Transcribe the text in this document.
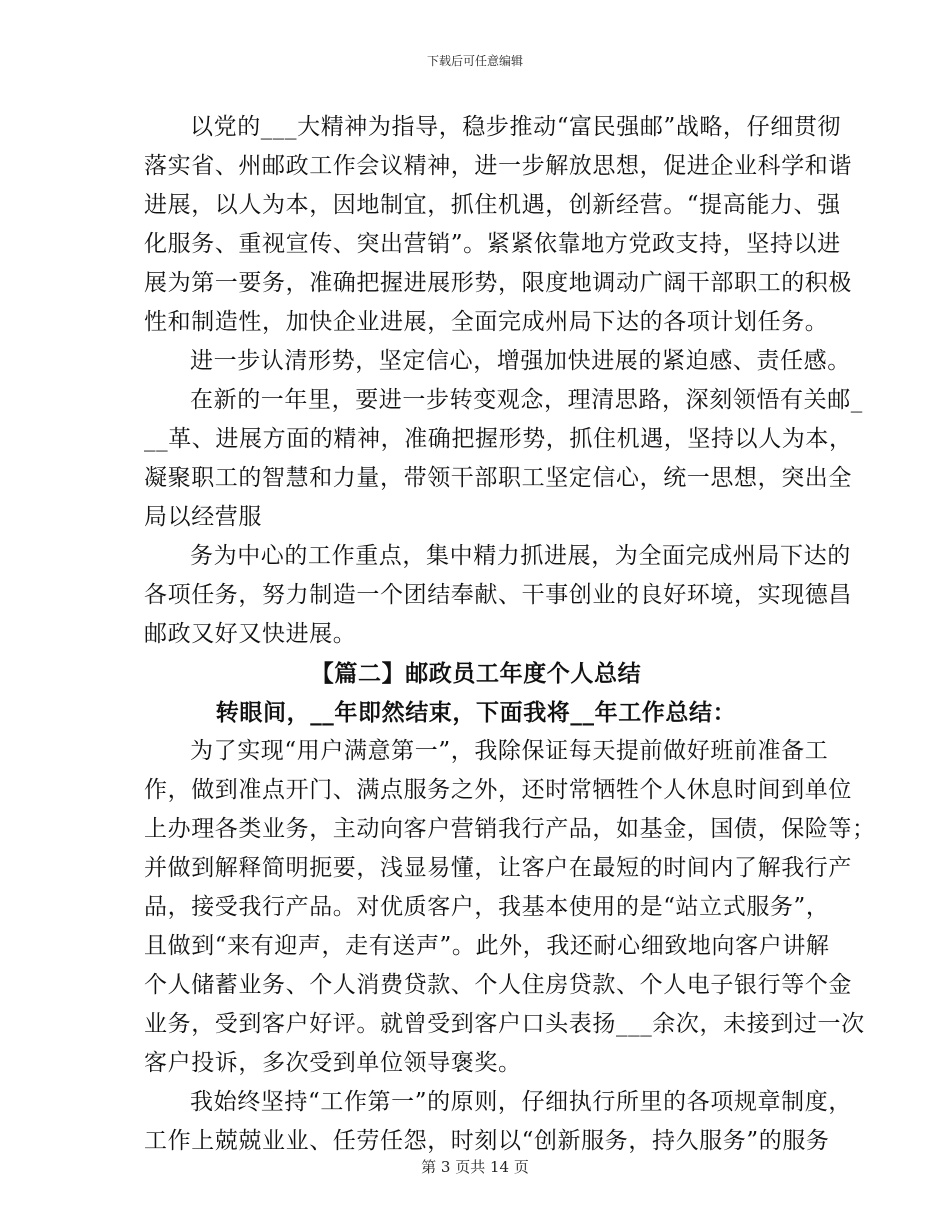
下载后可任意编辑

以党的___大精神为指导，稳步推动“富民强邮”战略，仔细贯彻
落实省、州邮政工作会议精神，进一步解放思想，促进企业科学和谐
进展，以人为本，因地制宜，抓住机遇，创新经营。“提高能力、强
化服务、重视宣传、突出营销”。紧紧依靠地方党政支持，坚持以进
展为第一要务，准确把握进展形势，限度地调动广阔干部职工的积极
性和制造性，加快企业进展，全面完成州局下达的各项计划任务。

进一步认清形势，坚定信心，增强加快进展的紧迫感、责任感。

在新的一年里，要进一步转变观念，理清思路，深刻领悟有关邮_
__革、进展方面的精神，准确把握形势，抓住机遇，坚持以人为本，
凝聚职工的智慧和力量，带领干部职工坚定信心，统一思想，突出全
局以经营服

务为中心的工作重点，集中精力抓进展，为全面完成州局下达的
各项任务，努力制造一个团结奉献、干事创业的良好环境，实现德昌
邮政又好又快进展。

【篇二】邮政员工年度个人总结

转眼间，__年即然结束，下面我将__年工作总结：

为了实现“用户满意第一”，我除保证每天提前做好班前准备工
作，做到准点开门、满点服务之外，还时常牺牲个人休息时间到单位
上办理各类业务，主动向客户营销我行产品，如基金，国债，保险等；
并做到解释简明扼要，浅显易懂，让客户在最短的时间内了解我行产
品，接受我行产品。对优质客户，我基本使用的是“站立式服务”，
且做到“来有迎声，走有送声”。此外，我还耐心细致地向客户讲解
个人储蓄业务、个人消费贷款、个人住房贷款、个人电子银行等个金
业务，受到客户好评。就曾受到客户口头表扬___余次，未接到过一次
客户投诉，多次受到单位领导褒奖。

我始终坚持“工作第一”的原则，仔细执行所里的各项规章制度，
工作上兢兢业业、任劳任怨，时刻以“创新服务，持久服务”的服务

第 3 页共 14 页
